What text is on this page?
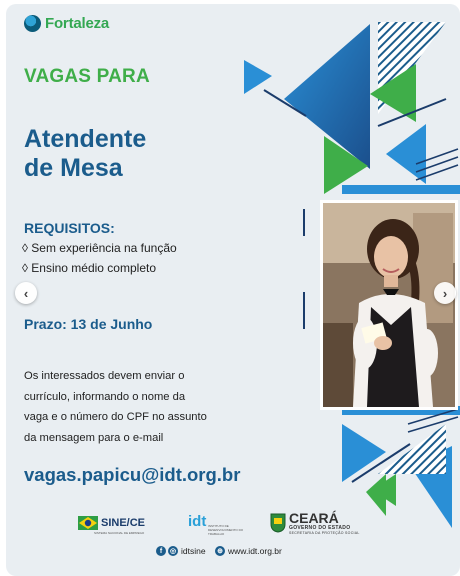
Fortaleza
VAGAS PARA
Atendente
de Mesa
REQUISITOS:
◊ Sem experiência na função
◊ Ensino médio completo
Prazo: 13 de Junho
Os interessados devem enviar o
currículo, informando o nome da
vaga e o número do CPF no assunto
da mensagem para o e-mail
vagas.papicu@idt.org.br
‹	›
SINE/CE
SISTEMA NACIONAL DE EMPREGO
idt INSTITUTO DE DESENVOLVIMENTO DO TRABALHO
CEARÁ
GOVERNO DO ESTADO
SECRETARIA DA PROTEÇÃO SOCIAL
f	◎ idtsine ⊕ www.idt.org.br
